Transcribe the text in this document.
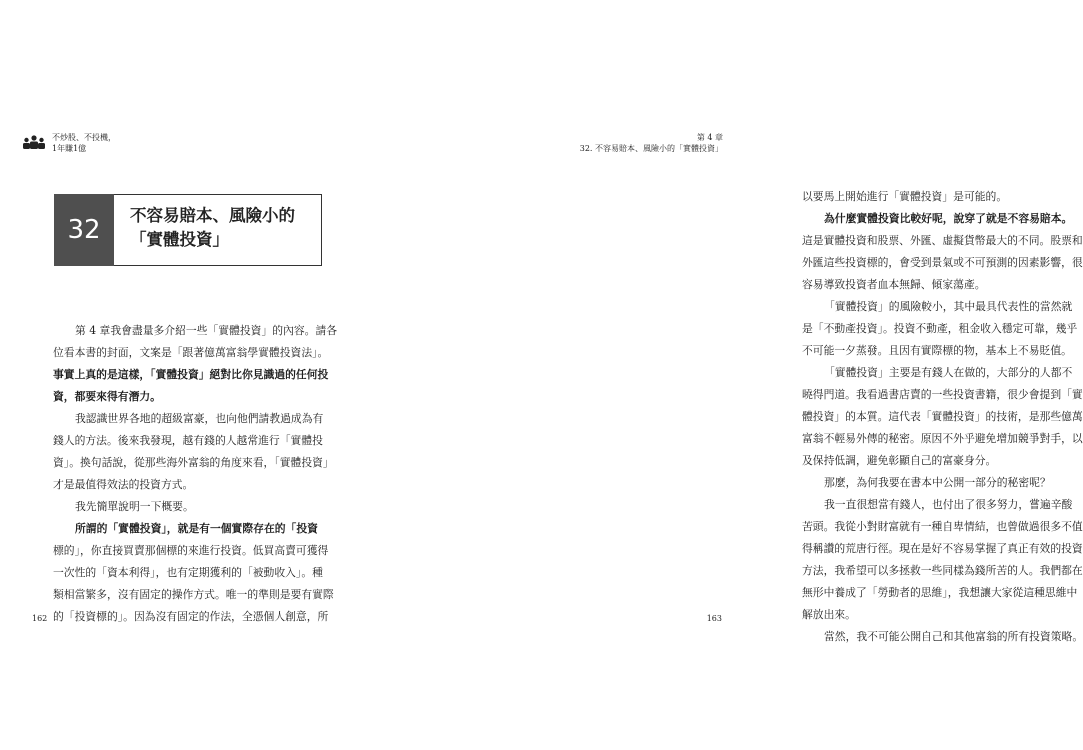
不炒股、不投機，
1年賺1億
32	不容易賠本、風險小的
「實體投資」
第 4 章我會盡量多介紹一些「實體投資」的內容。請各
位看本書的封面，文案是「跟著億萬富翁學實體投資法」。
事實上真的是這樣，「實體投資」絕對比你見識過的任何投
資，都要來得有潛力。
我認識世界各地的超級富豪，也向他們請教過成為有
錢人的方法。後來我發現，越有錢的人越常進行「實體投
資」。換句話說，從那些海外富翁的角度來看，「實體投資」
才是最值得效法的投資方式。
我先簡單說明一下概要。
所謂的「實體投資」，就是有一個實際存在的「投資
標的」，你直接買賣那個標的來進行投資。低買高賣可獲得
一次性的「資本利得」，也有定期獲利的「被動收入」。種
類相當繁多，沒有固定的操作方式。唯一的準則是要有實際
的「投資標的」。因為沒有固定的作法，全憑個人創意，所
162
第 4 章
32. 不容易賠本、風險小的「實體投資」
以要馬上開始進行「實體投資」是可能的。
為什麼實體投資比較好呢，說穿了就是不容易賠本。
這是實體投資和股票、外匯、虛擬貨幣最大的不同。股票和
外匯這些投資標的，會受到景氣或不可預測的因素影響，很
容易導致投資者血本無歸、傾家蕩產。
「實體投資」的風險較小，其中最具代表性的當然就
是「不動產投資」。投資不動產，租金收入穩定可靠，幾乎
不可能一夕蒸發。且因有實際標的物，基本上不易貶值。
「實體投資」主要是有錢人在做的，大部分的人都不
曉得門道。我看過書店賣的一些投資書籍，很少會提到「實
體投資」的本質。這代表「實體投資」的技術，是那些億萬
富翁不輕易外傳的秘密。原因不外乎避免增加競爭對手，以
及保持低調，避免彰顯自己的富豪身分。
那麼，為何我要在書本中公開一部分的秘密呢？
我一直很想當有錢人，也付出了很多努力，嘗遍辛酸
苦頭。我從小對財富就有一種自卑情結，也曾做過很多不值
得稱讚的荒唐行徑。現在是好不容易掌握了真正有效的投資
方法，我希望可以多拯救一些同樣為錢所苦的人。我們都在
無形中養成了「勞動者的思維」，我想讓大家從這種思維中
解放出來。
當然，我不可能公開自己和其他富翁的所有投資策略。
163
